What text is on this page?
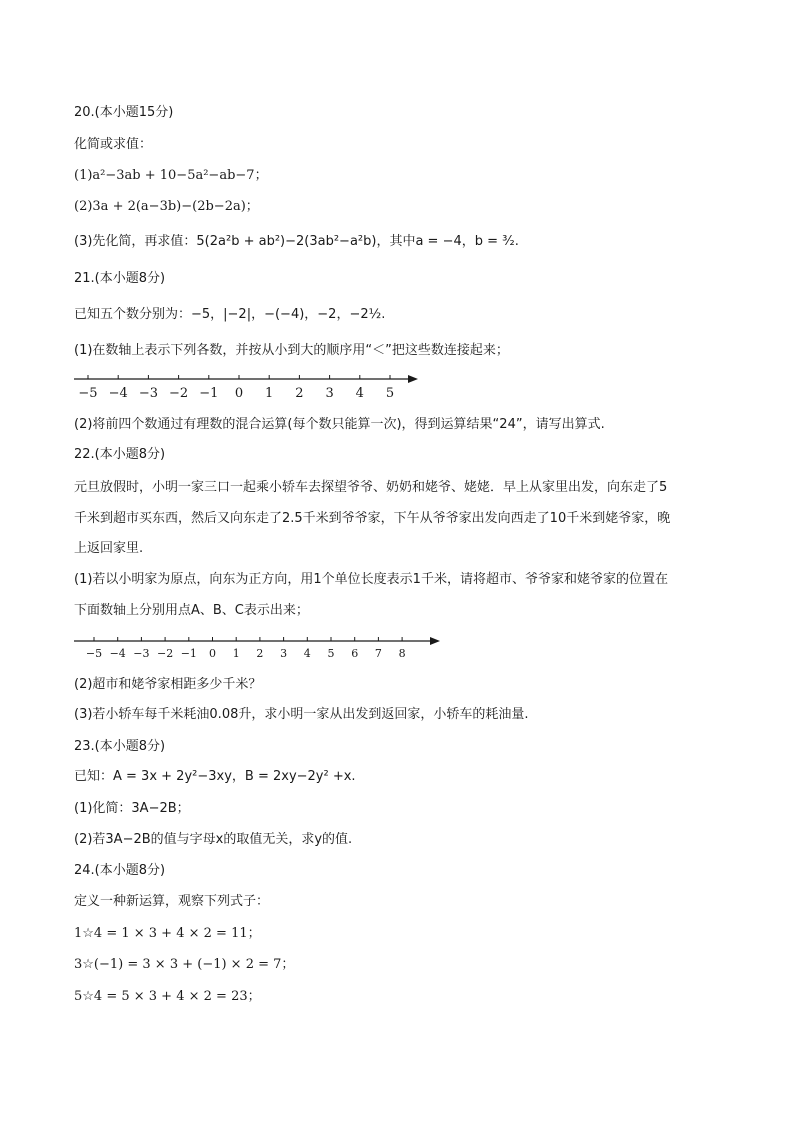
20.(本小题15分)
化简或求值：
(1)a²−3ab + 10−5a²−ab−7；
(2)3a + 2(a−3b)−(2b−2a)；
(3)先化简，再求值：5(2a²b + ab²)−2(3ab²−a²b)，其中a = −4，b = ³⁄₂.
21.(本小题8分)
已知五个数分别为：−5，|−2|，−(−4)，−2，−2½.
(1)在数轴上表示下列各数，并按从小到大的顺序用“＜”把这些数连接起来；
−5 −4 −3 −2 −1 0 1 2 3 4 5
(2)将前四个数通过有理数的混合运算(每个数只能算一次)，得到运算结果“24”，请写出算式.
22.(本小题8分)
元旦放假时，小明一家三口一起乘小轿车去探望爷爷、奶奶和姥爷、姥姥．早上从家里出发，向东走了5
千米到超市买东西，然后又向东走了2.5千米到爷爷家，下午从爷爷家出发向西走了10千米到姥爷家，晚
上返回家里.
(1)若以小明家为原点，向东为正方向，用1个单位长度表示1千米，请将超市、爷爷家和姥爷家的位置在
下面数轴上分别用点A、B、C表示出来；
−5 −4 −3 −2 −1 0 1 2 3 4 5 6 7 8
(2)超市和姥爷家相距多少千米？
(3)若小轿车每千米耗油0.08升，求小明一家从出发到返回家，小轿车的耗油量.
23.(本小题8分)
已知：A = 3x + 2y²−3xy，B = 2xy−2y² +x.
(1)化简：3A−2B；
(2)若3A−2B的值与字母x的取值无关，求y的值.
24.(本小题8分)
定义一种新运算，观察下列式子：
1☆4 = 1 × 3 + 4 × 2 = 11；
3☆(−1) = 3 × 3 + (−1) × 2 = 7；
5☆4 = 5 × 3 + 4 × 2 = 23；
